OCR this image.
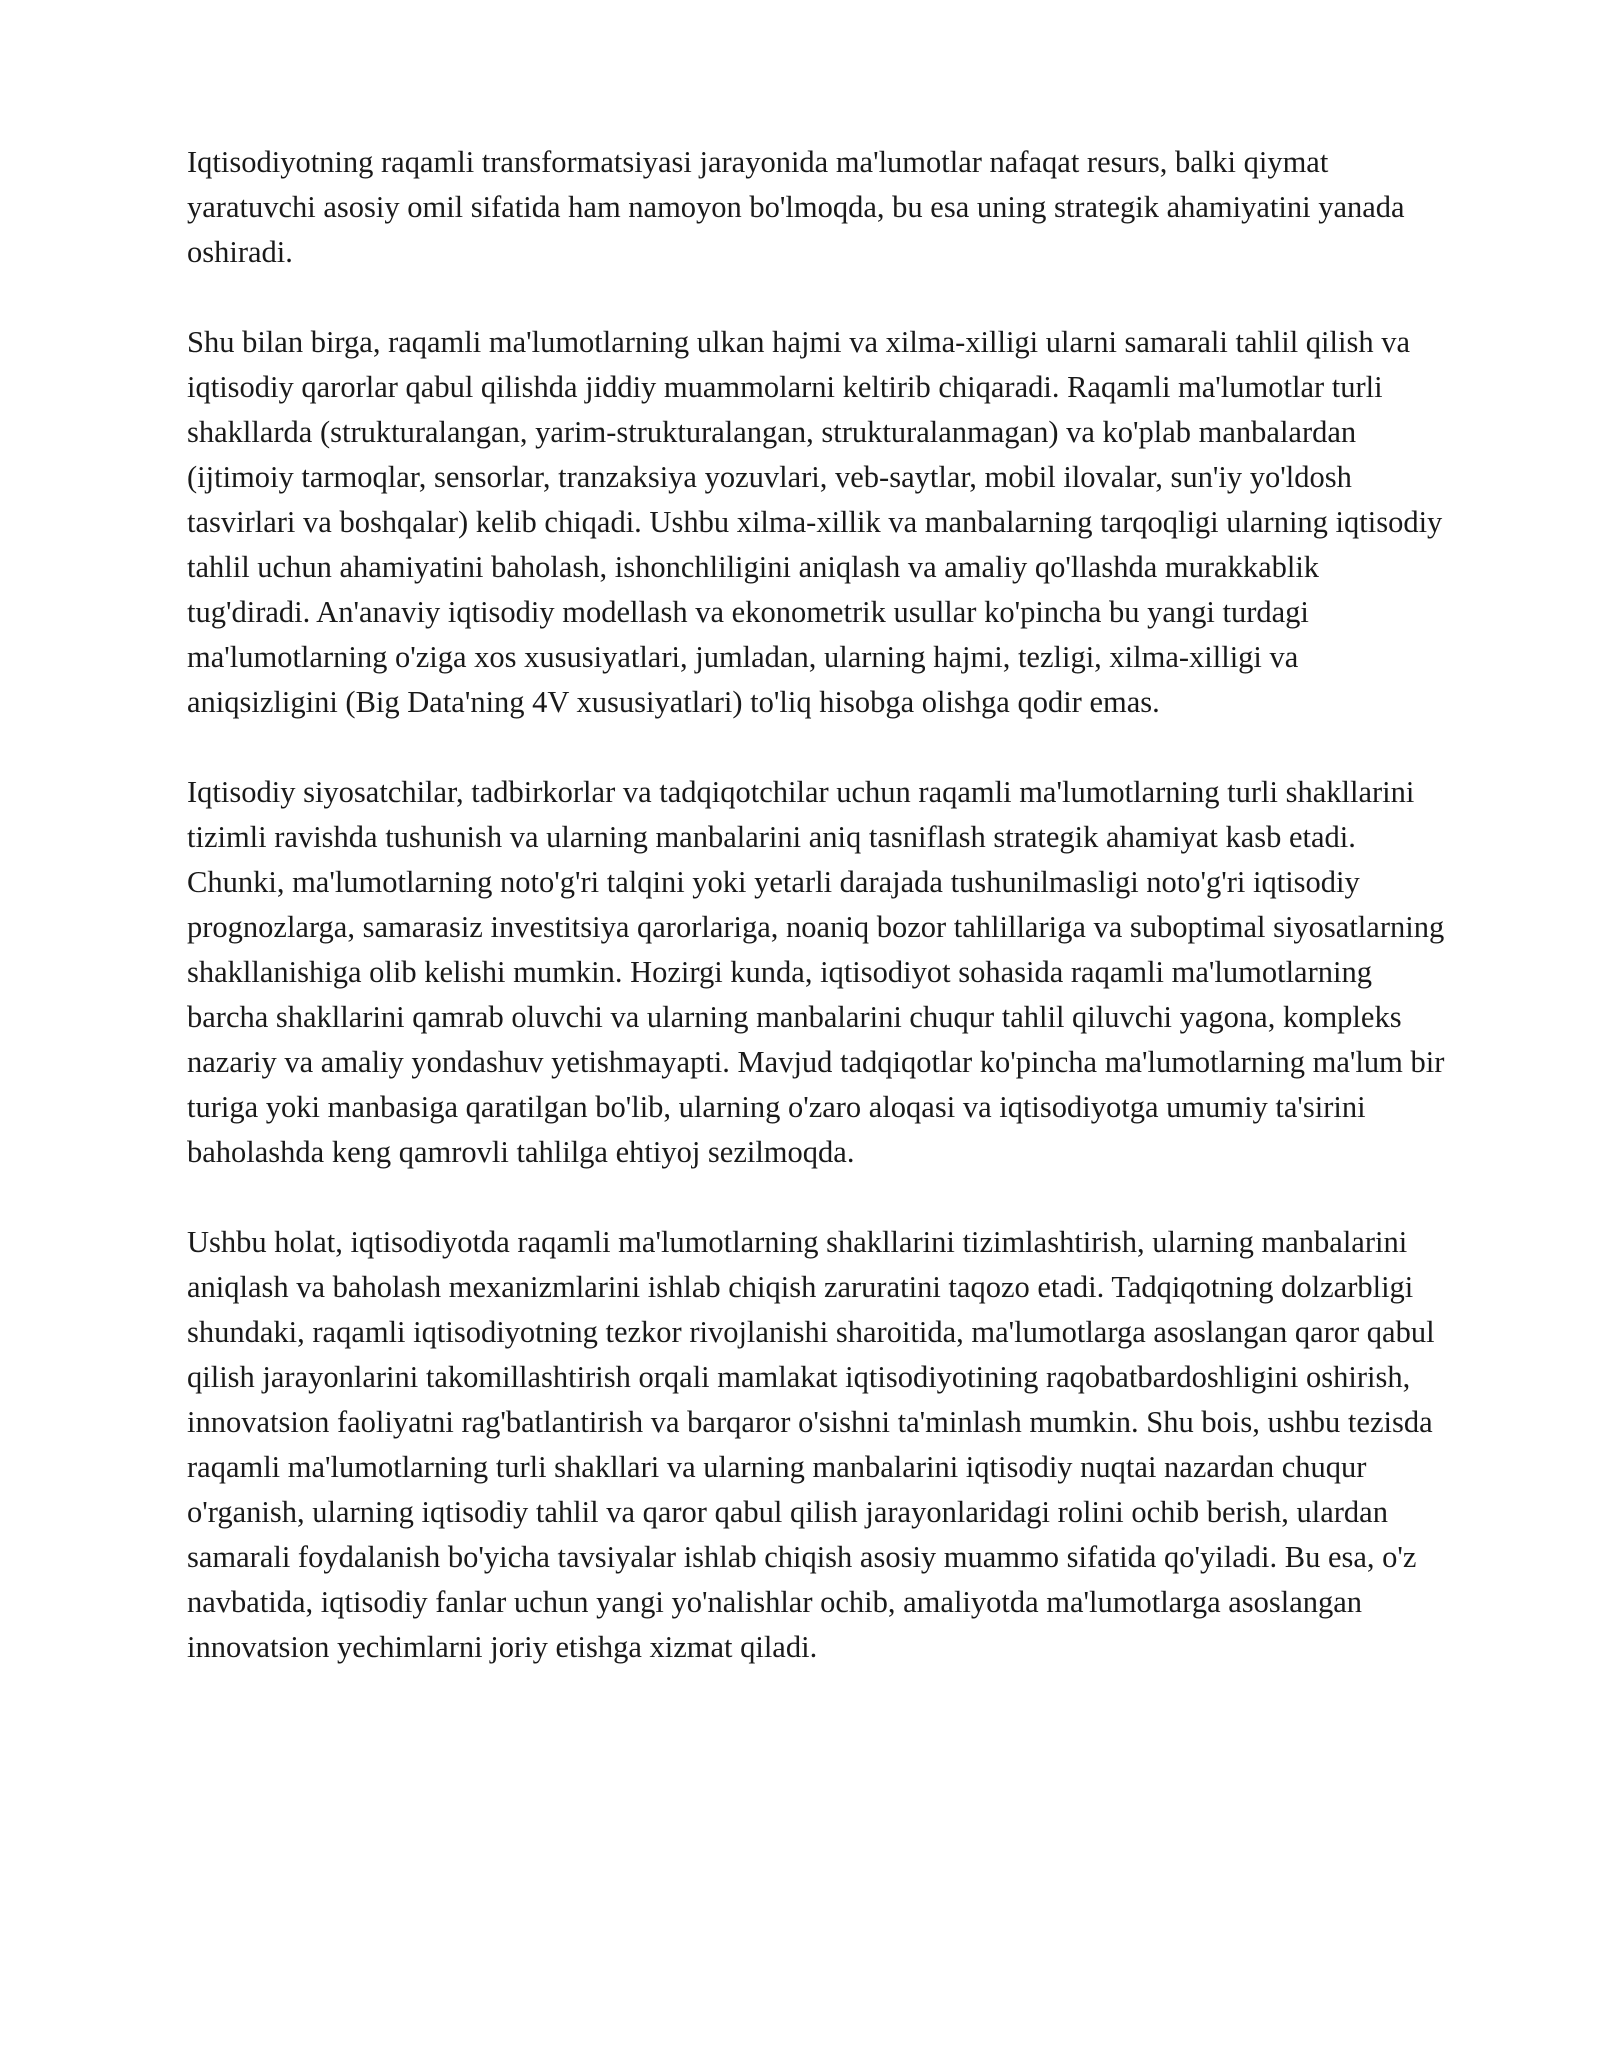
Iqtisodiyotning raqamli transformatsiyasi jarayonida ma'lumotlar nafaqat resurs, balki qiymat yaratuvchi asosiy omil sifatida ham namoyon bo'lmoqda, bu esa uning strategik ahamiyatini yanada oshiradi.

Shu bilan birga, raqamli ma'lumotlarning ulkan hajmi va xilma-xilligi ularni samarali tahlil qilish va iqtisodiy qarorlar qabul qilishda jiddiy muammolarni keltirib chiqaradi. Raqamli ma'lumotlar turli shakllarda (strukturalangan, yarim-strukturalangan, strukturalanmagan) va ko'plab manbalardan (ijtimoiy tarmoqlar, sensorlar, tranzaksiya yozuvlari, veb-saytlar, mobil ilovalar, sun'iy yo'ldosh tasvirlari va boshqalar) kelib chiqadi. Ushbu xilma-xillik va manbalarning tarqoqligi ularning iqtisodiy tahlil uchun ahamiyatini baholash, ishonchliligini aniqlash va amaliy qo'llashda murakkablik tug'diradi. An'anaviy iqtisodiy modellash va ekonometrik usullar ko'pincha bu yangi turdagi ma'lumotlarning o'ziga xos xususiyatlari, jumladan, ularning hajmi, tezligi, xilma-xilligi va aniqsizligini (Big Data'ning 4V xususiyatlari) to'liq hisobga olishga qodir emas.

Iqtisodiy siyosatchilar, tadbirkorlar va tadqiqotchilar uchun raqamli ma'lumotlarning turli shakllarini tizimli ravishda tushunish va ularning manbalarini aniq tasniflash strategik ahamiyat kasb etadi. Chunki, ma'lumotlarning noto'g'ri talqini yoki yetarli darajada tushunilmasligi noto'g'ri iqtisodiy prognozlarga, samarasiz investitsiya qarorlariga, noaniq bozor tahlillariga va suboptimal siyosatlarning shakllanishiga olib kelishi mumkin. Hozirgi kunda, iqtisodiyot sohasida raqamli ma'lumotlarning barcha shakllarini qamrab oluvchi va ularning manbalarini chuqur tahlil qiluvchi yagona, kompleks nazariy va amaliy yondashuv yetishmayapti. Mavjud tadqiqotlar ko'pincha ma'lumotlarning ma'lum bir turiga yoki manbasiga qaratilgan bo'lib, ularning o'zaro aloqasi va iqtisodiyotga umumiy ta'sirini baholashda keng qamrovli tahlilga ehtiyoj sezilmoqda.

Ushbu holat, iqtisodiyotda raqamli ma'lumotlarning shakllarini tizimlashtirish, ularning manbalarini aniqlash va baholash mexanizmlarini ishlab chiqish zaruratini taqozo etadi. Tadqiqotning dolzarbligi shundaki, raqamli iqtisodiyotning tezkor rivojlanishi sharoitida, ma'lumotlarga asoslangan qaror qabul qilish jarayonlarini takomillashtirish orqali mamlakat iqtisodiyotining raqobatbardoshligini oshirish, innovatsion faoliyatni rag'batlantirish va barqaror o'sishni ta'minlash mumkin. Shu bois, ushbu tezisda raqamli ma'lumotlarning turli shakllari va ularning manbalarini iqtisodiy nuqtai nazardan chuqur o'rganish, ularning iqtisodiy tahlil va qaror qabul qilish jarayonlaridagi rolini ochib berish, ulardan samarali foydalanish bo'yicha tavsiyalar ishlab chiqish asosiy muammo sifatida qo'yiladi. Bu esa, o'z navbatida, iqtisodiy fanlar uchun yangi yo'nalishlar ochib, amaliyotda ma'lumotlarga asoslangan innovatsion yechimlarni joriy etishga xizmat qiladi.
